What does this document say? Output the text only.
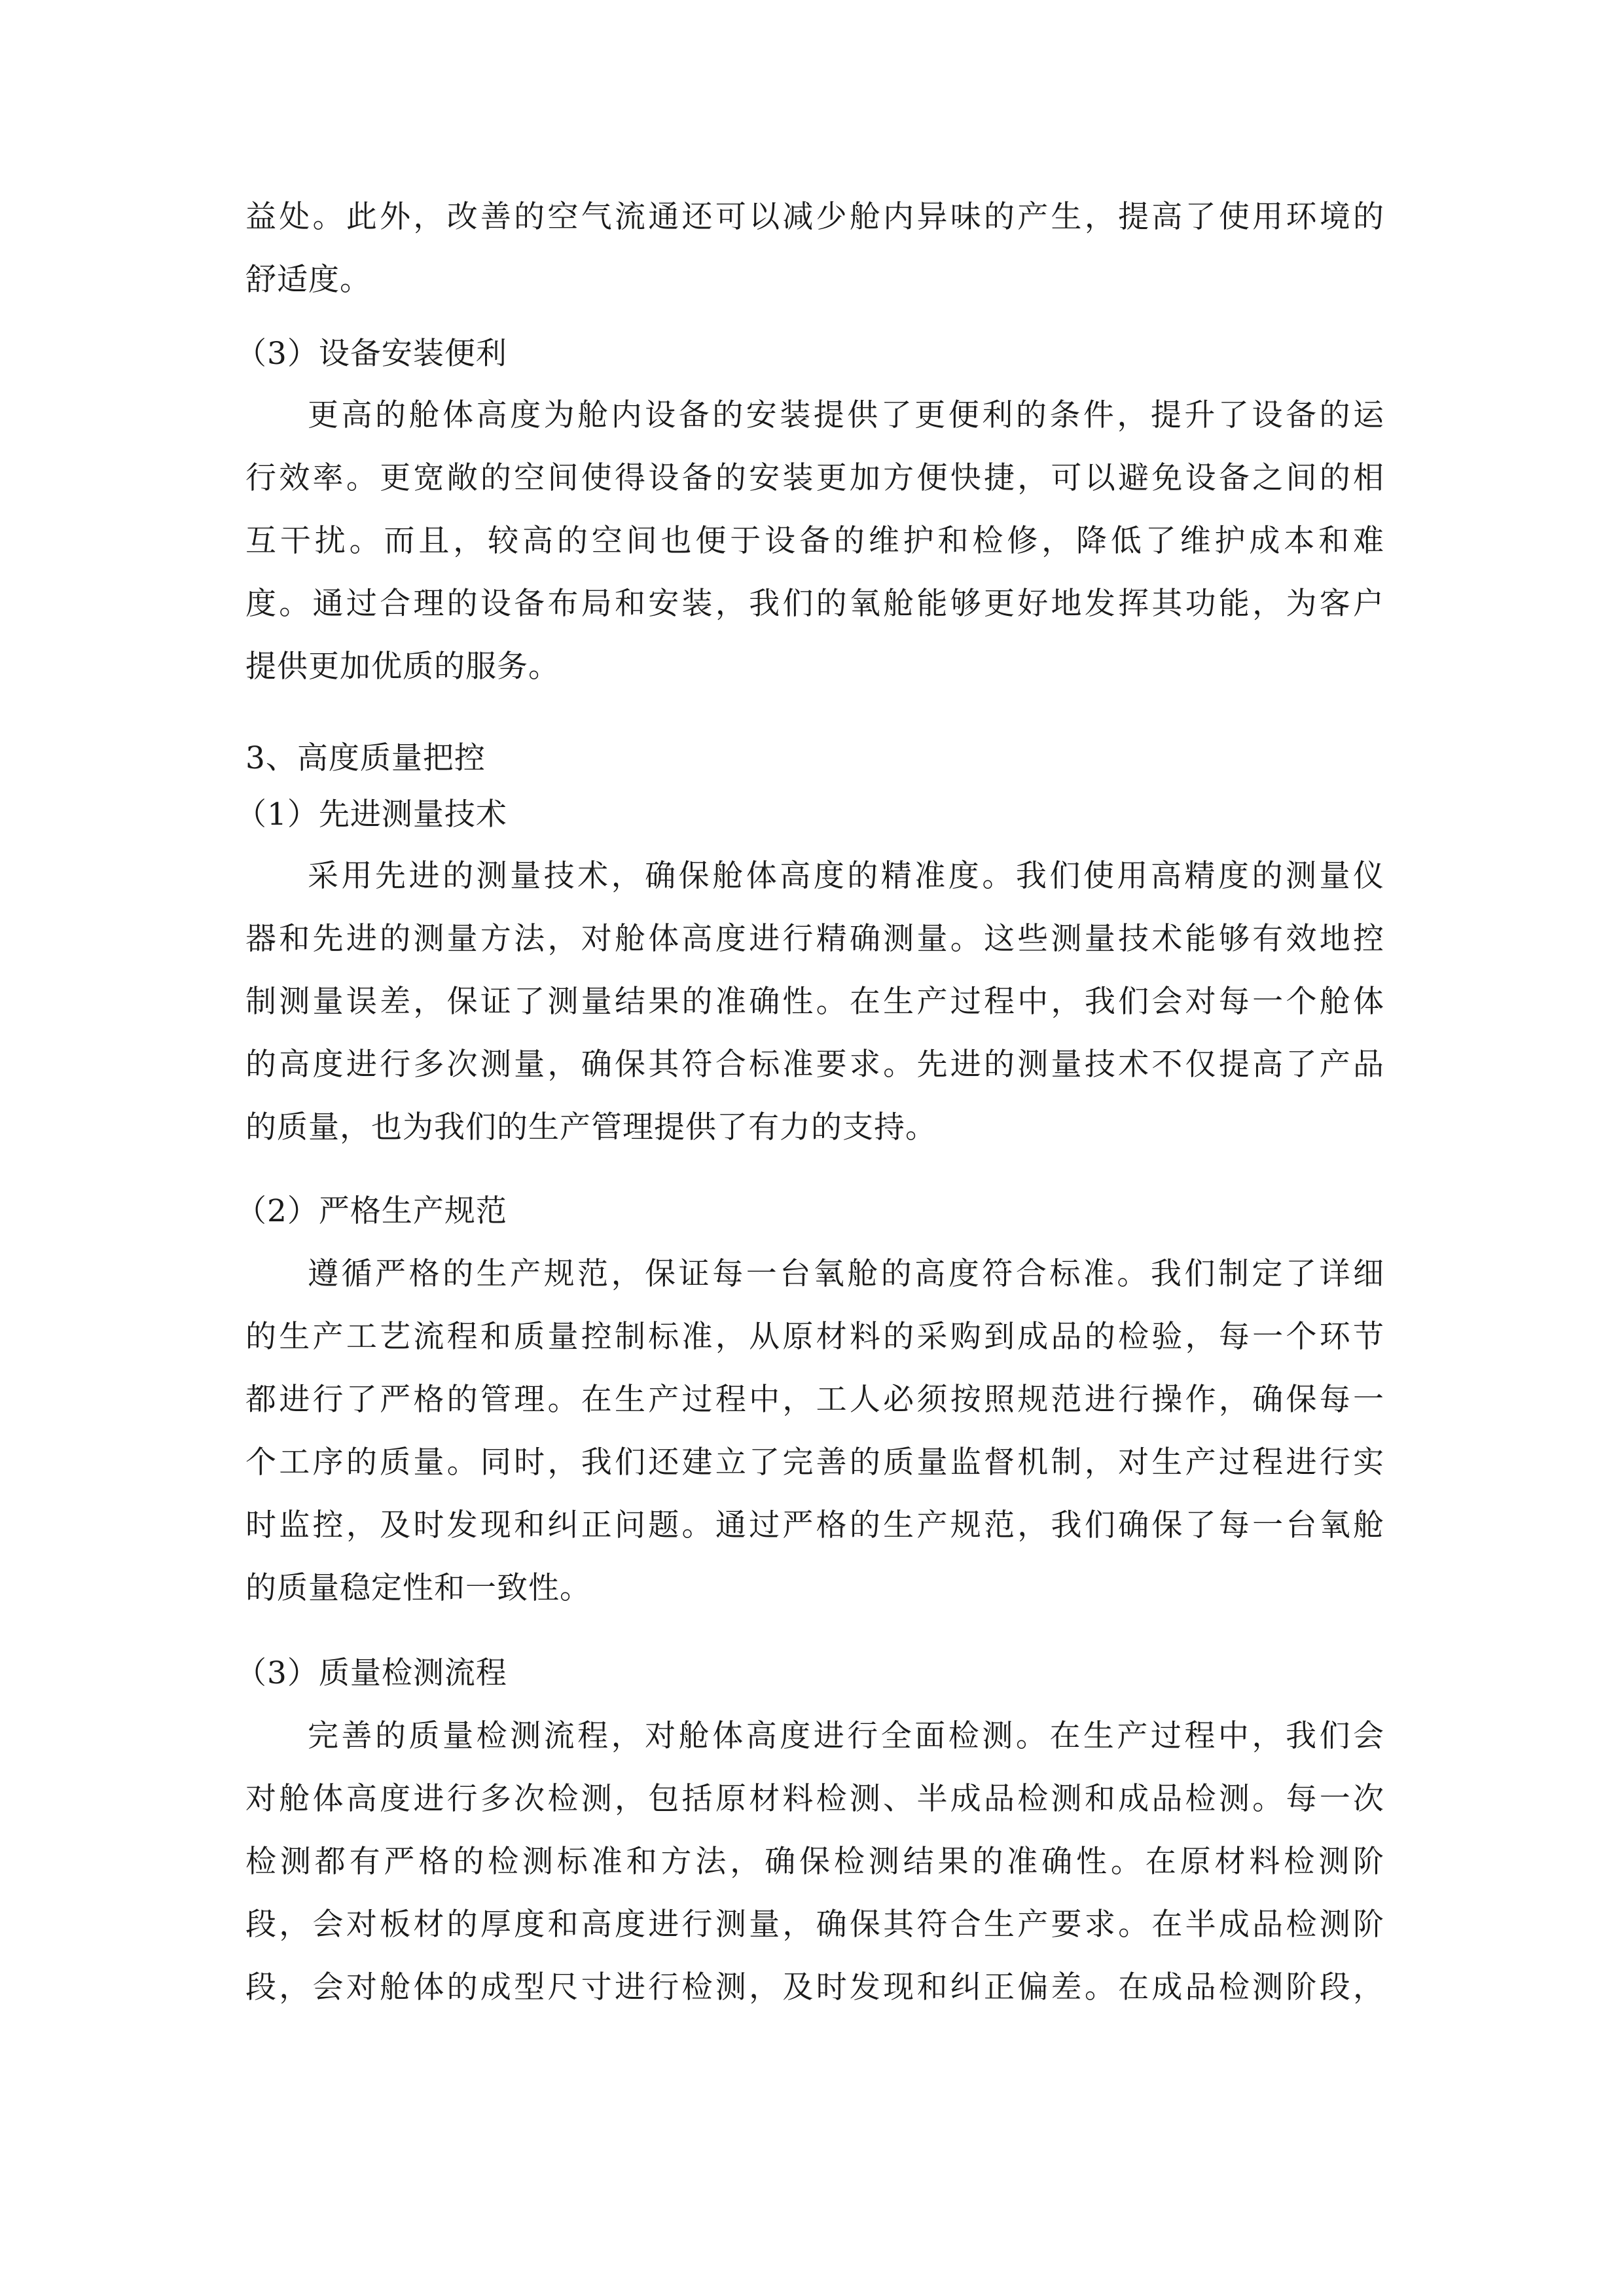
益处。此外，改善的空气流通还可以减少舱内异味的产生，提高了使用环境的
舒适度。
（3）设备安装便利
更高的舱体高度为舱内设备的安装提供了更便利的条件，提升了设备的运
行效率。更宽敞的空间使得设备的安装更加方便快捷，可以避免设备之间的相
互干扰。而且，较高的空间也便于设备的维护和检修，降低了维护成本和难
度。通过合理的设备布局和安装，我们的氧舱能够更好地发挥其功能，为客户
提供更加优质的服务。
3、高度质量把控
（1）先进测量技术
采用先进的测量技术，确保舱体高度的精准度。我们使用高精度的测量仪
器和先进的测量方法，对舱体高度进行精确测量。这些测量技术能够有效地控
制测量误差，保证了测量结果的准确性。在生产过程中，我们会对每一个舱体
的高度进行多次测量，确保其符合标准要求。先进的测量技术不仅提高了产品
的质量，也为我们的生产管理提供了有力的支持。
（2）严格生产规范
遵循严格的生产规范，保证每一台氧舱的高度符合标准。我们制定了详细
的生产工艺流程和质量控制标准，从原材料的采购到成品的检验，每一个环节
都进行了严格的管理。在生产过程中，工人必须按照规范进行操作，确保每一
个工序的质量。同时，我们还建立了完善的质量监督机制，对生产过程进行实
时监控，及时发现和纠正问题。通过严格的生产规范，我们确保了每一台氧舱
的质量稳定性和一致性。
（3）质量检测流程
完善的质量检测流程，对舱体高度进行全面检测。在生产过程中，我们会
对舱体高度进行多次检测，包括原材料检测、半成品检测和成品检测。每一次
检测都有严格的检测标准和方法，确保检测结果的准确性。在原材料检测阶
段，会对板材的厚度和高度进行测量，确保其符合生产要求。在半成品检测阶
段，会对舱体的成型尺寸进行检测，及时发现和纠正偏差。在成品检测阶段，
